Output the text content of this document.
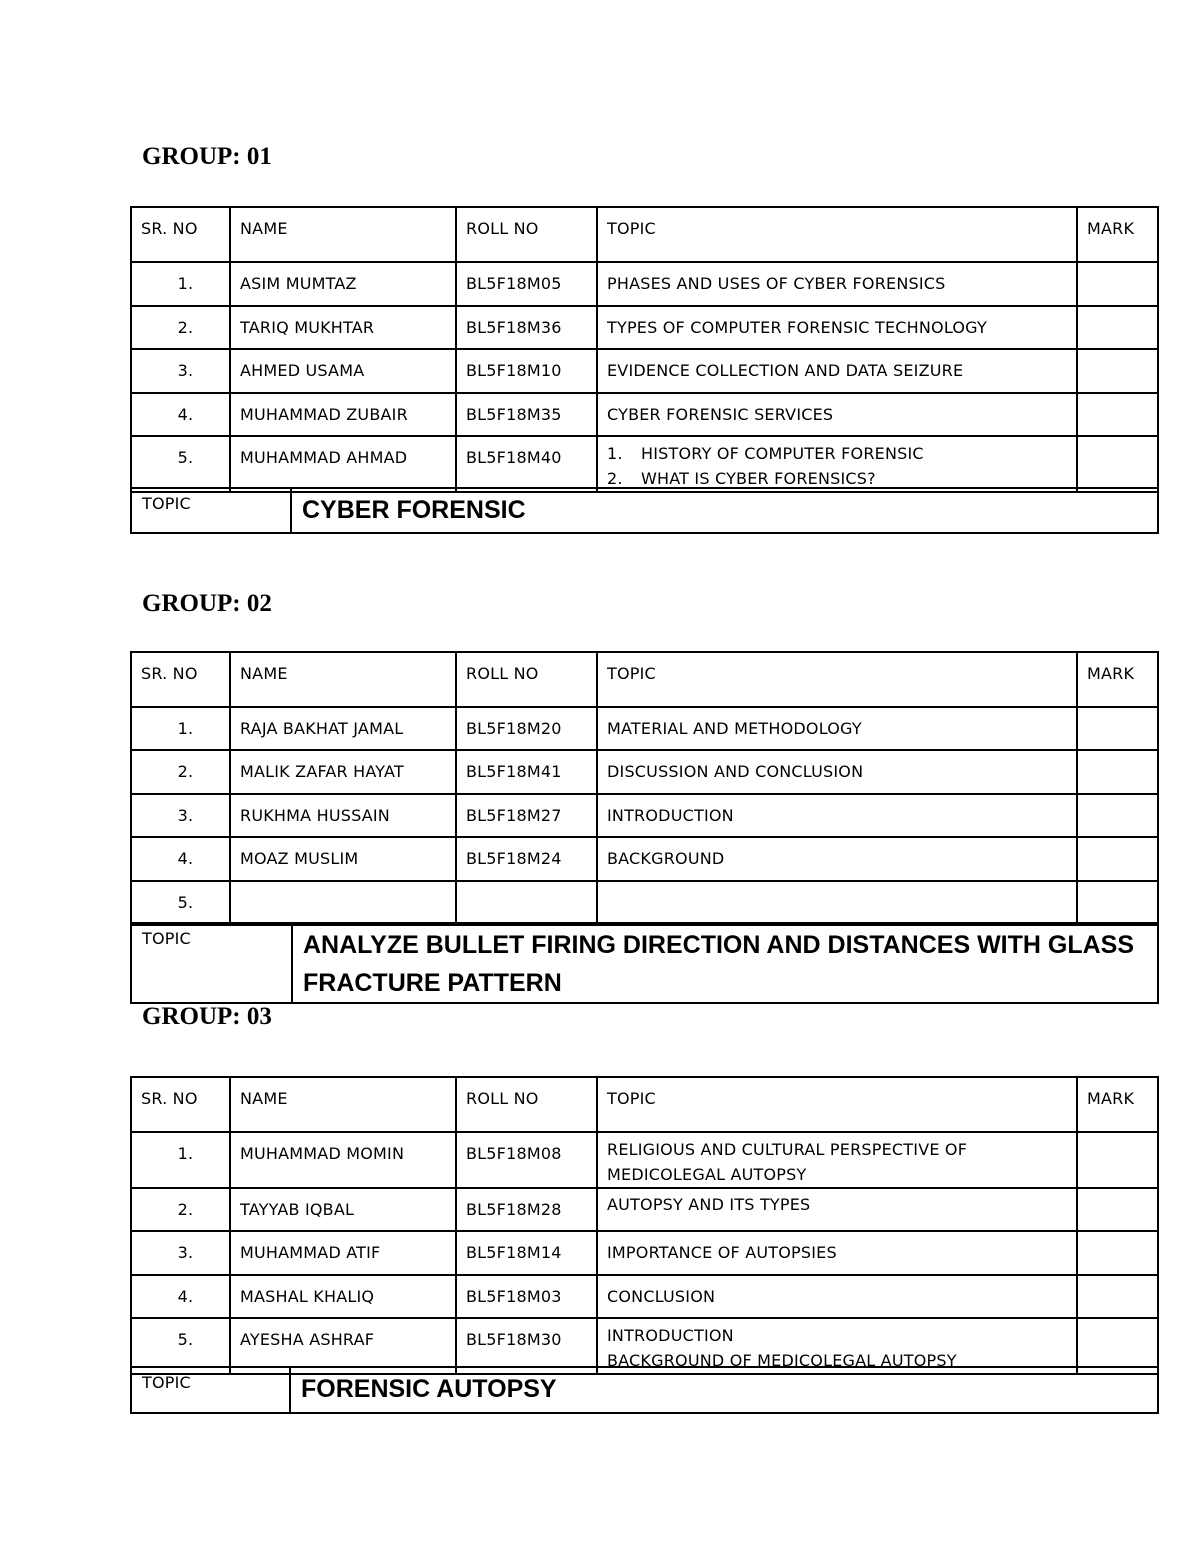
GROUP: 01
SR. NO	NAME	ROLL NO	TOPIC	MARK
1.	ASIM MUMTAZ	BL5F18M05	PHASES AND USES OF CYBER FORENSICS	
2.	TARIQ MUKHTAR	BL5F18M36	TYPES OF COMPUTER FORENSIC TECHNOLOGY	
3.	AHMED USAMA	BL5F18M10	EVIDENCE COLLECTION AND DATA SEIZURE	
4.	MUHAMMAD ZUBAIR	BL5F18M35	CYBER FORENSIC SERVICES	
5.	MUHAMMAD AHMAD	BL5F18M40	1. HISTORY OF COMPUTER FORENSIC
2. WHAT IS CYBER FORENSICS?	

TOPIC	CYBER FORENSIC
GROUP: 02
SR. NO	NAME	ROLL NO	TOPIC	MARK
1.	RAJA BAKHAT JAMAL	BL5F18M20	MATERIAL AND METHODOLOGY	
2.	MALIK ZAFAR HAYAT	BL5F18M41	DISCUSSION AND CONCLUSION	
3.	RUKHMA HUSSAIN	BL5F18M27	INTRODUCTION	
4.	MOAZ MUSLIM	BL5F18M24	BACKGROUND	
5.				
TOPIC	ANALYZE BULLET FIRING DIRECTION AND DISTANCES WITH GLASS FRACTURE PATTERN
GROUP: 03
SR. NO	NAME	ROLL NO	TOPIC	MARK
1.	MUHAMMAD MOMIN	BL5F18M08	RELIGIOUS AND CULTURAL PERSPECTIVE OF MEDICOLEGAL AUTOPSY	
2.	TAYYAB IQBAL	BL5F18M28	AUTOPSY AND ITS TYPES	
3.	MUHAMMAD ATIF	BL5F18M14	IMPORTANCE OF AUTOPSIES	
4.	MASHAL KHALIQ	BL5F18M03	CONCLUSION	
5.	AYESHA ASHRAF	BL5F18M30	INTRODUCTION
BACKGROUND OF MEDICOLEGAL AUTOPSY	

TOPIC	FORENSIC AUTOPSY
